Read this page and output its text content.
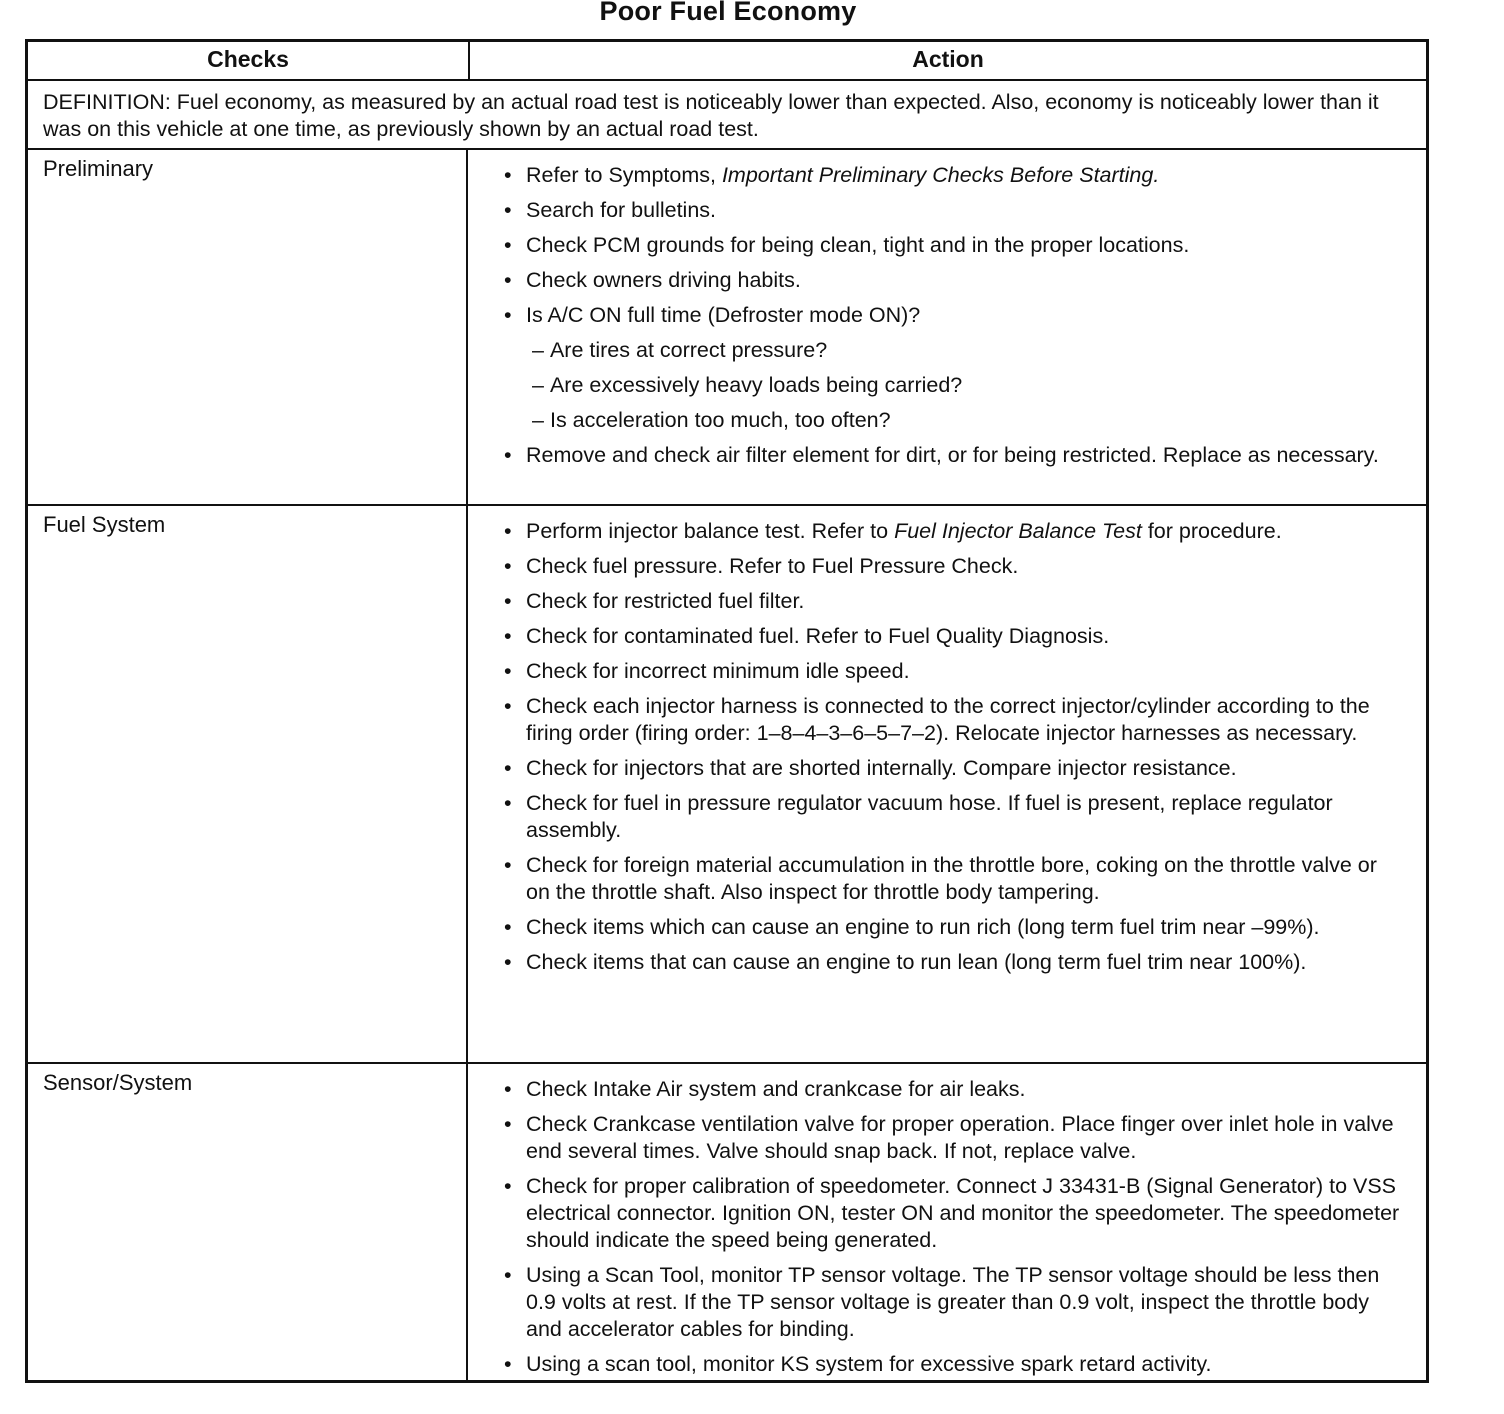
Poor Fuel Economy
Checks	Action
DEFINITION: Fuel economy, as measured by an actual road test is noticeably lower than expected. Also, economy is noticeably lower than it was on this vehicle at one time, as previously shown by an actual road test.
Preliminary	• Refer to Symptoms, Important Preliminary Checks Before Starting.
• Search for bulletins.
• Check PCM grounds for being clean, tight and in the proper locations.
• Check owners driving habits.
• Is A/C ON full time (Defroster mode ON)?
– Are tires at correct pressure?
– Are excessively heavy loads being carried?
– Is acceleration too much, too often?
• Remove and check air filter element for dirt, or for being restricted. Replace as necessary.
Fuel System	• Perform injector balance test. Refer to Fuel Injector Balance Test for procedure.
• Check fuel pressure. Refer to Fuel Pressure Check.
• Check for restricted fuel filter.
• Check for contaminated fuel. Refer to Fuel Quality Diagnosis.
• Check for incorrect minimum idle speed.
• Check each injector harness is connected to the correct injector/cylinder according to the firing order (firing order: 1–8–4–3–6–5–7–2). Relocate injector harnesses as necessary.
• Check for injectors that are shorted internally. Compare injector resistance.
• Check for fuel in pressure regulator vacuum hose. If fuel is present, replace regulator assembly.
• Check for foreign material accumulation in the throttle bore, coking on the throttle valve or on the throttle shaft. Also inspect for throttle body tampering.
• Check items which can cause an engine to run rich (long term fuel trim near –99%).
• Check items that can cause an engine to run lean (long term fuel trim near 100%).
Sensor/System	• Check Intake Air system and crankcase for air leaks.
• Check Crankcase ventilation valve for proper operation. Place finger over inlet hole in valve end several times. Valve should snap back. If not, replace valve.
• Check for proper calibration of speedometer. Connect J 33431-B (Signal Generator) to VSS electrical connector. Ignition ON, tester ON and monitor the speedometer. The speedometer should indicate the speed being generated.
• Using a Scan Tool, monitor TP sensor voltage. The TP sensor voltage should be less then 0.9 volts at rest. If the TP sensor voltage is greater than 0.9 volt, inspect the throttle body and accelerator cables for binding.
• Using a scan tool, monitor KS system for excessive spark retard activity.
